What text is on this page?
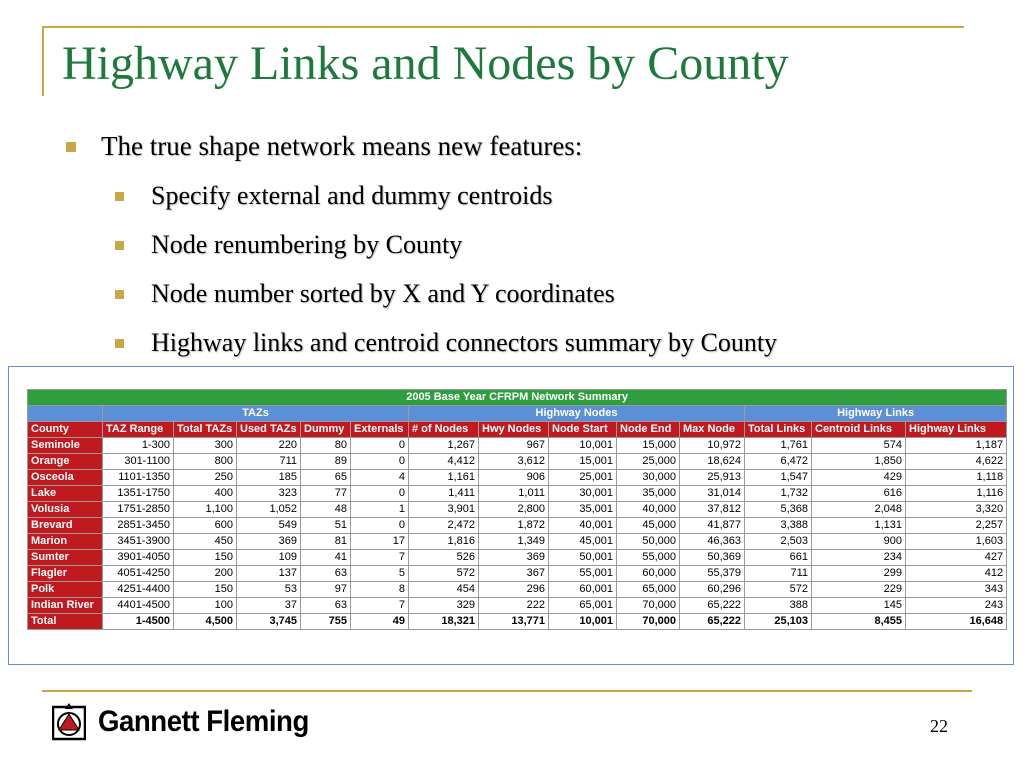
Highway Links and Nodes by County
The true shape network means new features:
Specify external and dummy centroids
Node renumbering by County
Node number sorted by X and Y coordinates
Highway links and centroid connectors summary by County
2005 Base Year CFRPM Network Summary													
	TAZs					Highway Nodes					Highway Links		
County	TAZ Range	Total TAZs	Used TAZs	Dummy	Externals	# of Nodes	Hwy Nodes	Node Start	Node End	Max Node	Total Links	Centroid Links	Highway Links
Seminole	1-300	300	220	80	0	1,267	967	10,001	15,000	10,972	1,761	574	1,187
Orange	301-1100	800	711	89	0	4,412	3,612	15,001	25,000	18,624	6,472	1,850	4,622
Osceola	1101-1350	250	185	65	4	1,161	906	25,001	30,000	25,913	1,547	429	1,118
Lake	1351-1750	400	323	77	0	1,411	1,011	30,001	35,000	31,014	1,732	616	1,116
Volusia	1751-2850	1,100	1,052	48	1	3,901	2,800	35,001	40,000	37,812	5,368	2,048	3,320
Brevard	2851-3450	600	549	51	0	2,472	1,872	40,001	45,000	41,877	3,388	1,131	2,257
Marion	3451-3900	450	369	81	17	1,816	1,349	45,001	50,000	46,363	2,503	900	1,603
Sumter	3901-4050	150	109	41	7	526	369	50,001	55,000	50,369	661	234	427
Flagler	4051-4250	200	137	63	5	572	367	55,001	60,000	55,379	711	299	412
Polk	4251-4400	150	53	97	8	454	296	60,001	65,000	60,296	572	229	343
Indian River	4401-4500	100	37	63	7	329	222	65,001	70,000	65,222	388	145	243
Total	1-4500	4,500	3,745	755	49	18,321	13,771	10,001	70,000	65,222	25,103	8,455	16,648
Gannett Fleming	22
